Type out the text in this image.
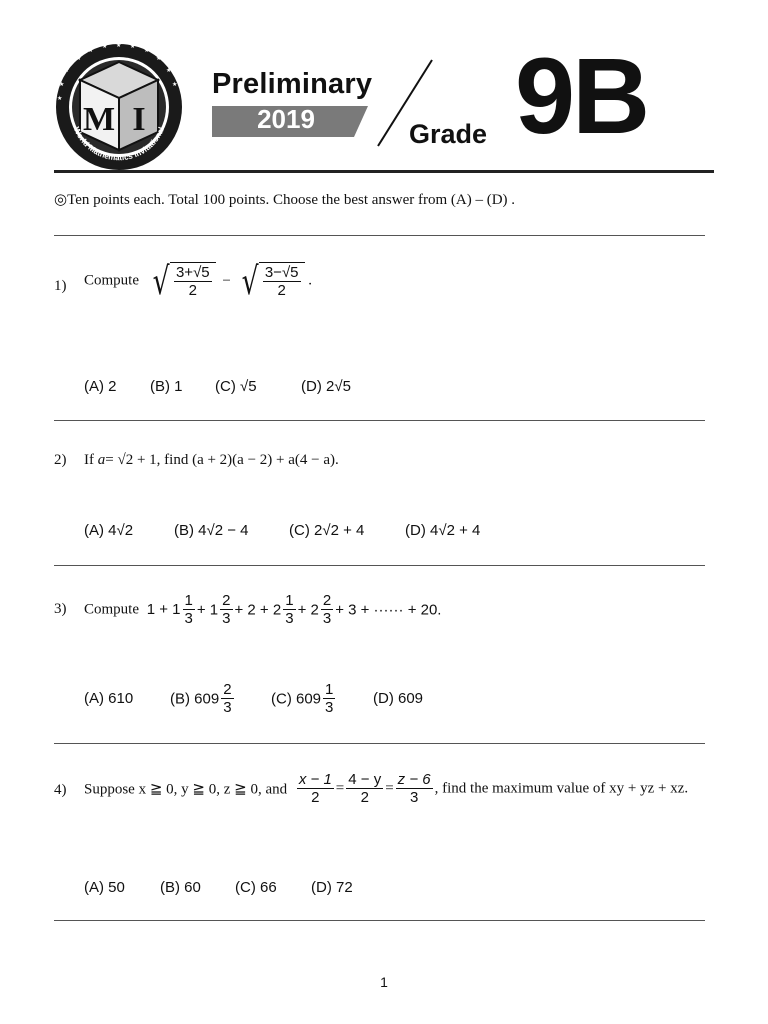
★
★
★ ★ ★
★
★
★
★
★
★
★
M I
World Mathematics Invitational
Preliminary
2019	Grade 9B
◎Ten points each. Total 100 points. Choose the best answer from (A) – (D) .
1) Compute √ $\frac{3+√5}{2}$ − √ $\frac{3-√5}{2}$ .
(A) 2 (B) 1 (C) √5	(D) 2√5
2) If a= √2 + 1, find (a + 2)(a − 2) + a(4 − a).
(A) 4√2	(B) 4√2 − 4	(C) 2√2 + 4	(D) 4√2 + 4
3) Compute $1 + 1 \frac{1}{3} + 1 \frac{2}{3} + 2 + 2 \frac{1}{3} + 2 \frac{2}{3} + 3$ + ······ + 20.
(A) 610 (B) $609 \frac{2}{3} (C)$ $609 \frac{1}{3}$	(D) 609
4) Suppose x ≧ 0, y ≧ 0, z ≧ 0, and $\frac{x - 1}{2} = \frac{4 - y}{2} = \frac{z - 6}{3}$ , find the maximum value of xy + yz + xz.
(A) 50 (B) 60 (C) 66 (D) 72
1
